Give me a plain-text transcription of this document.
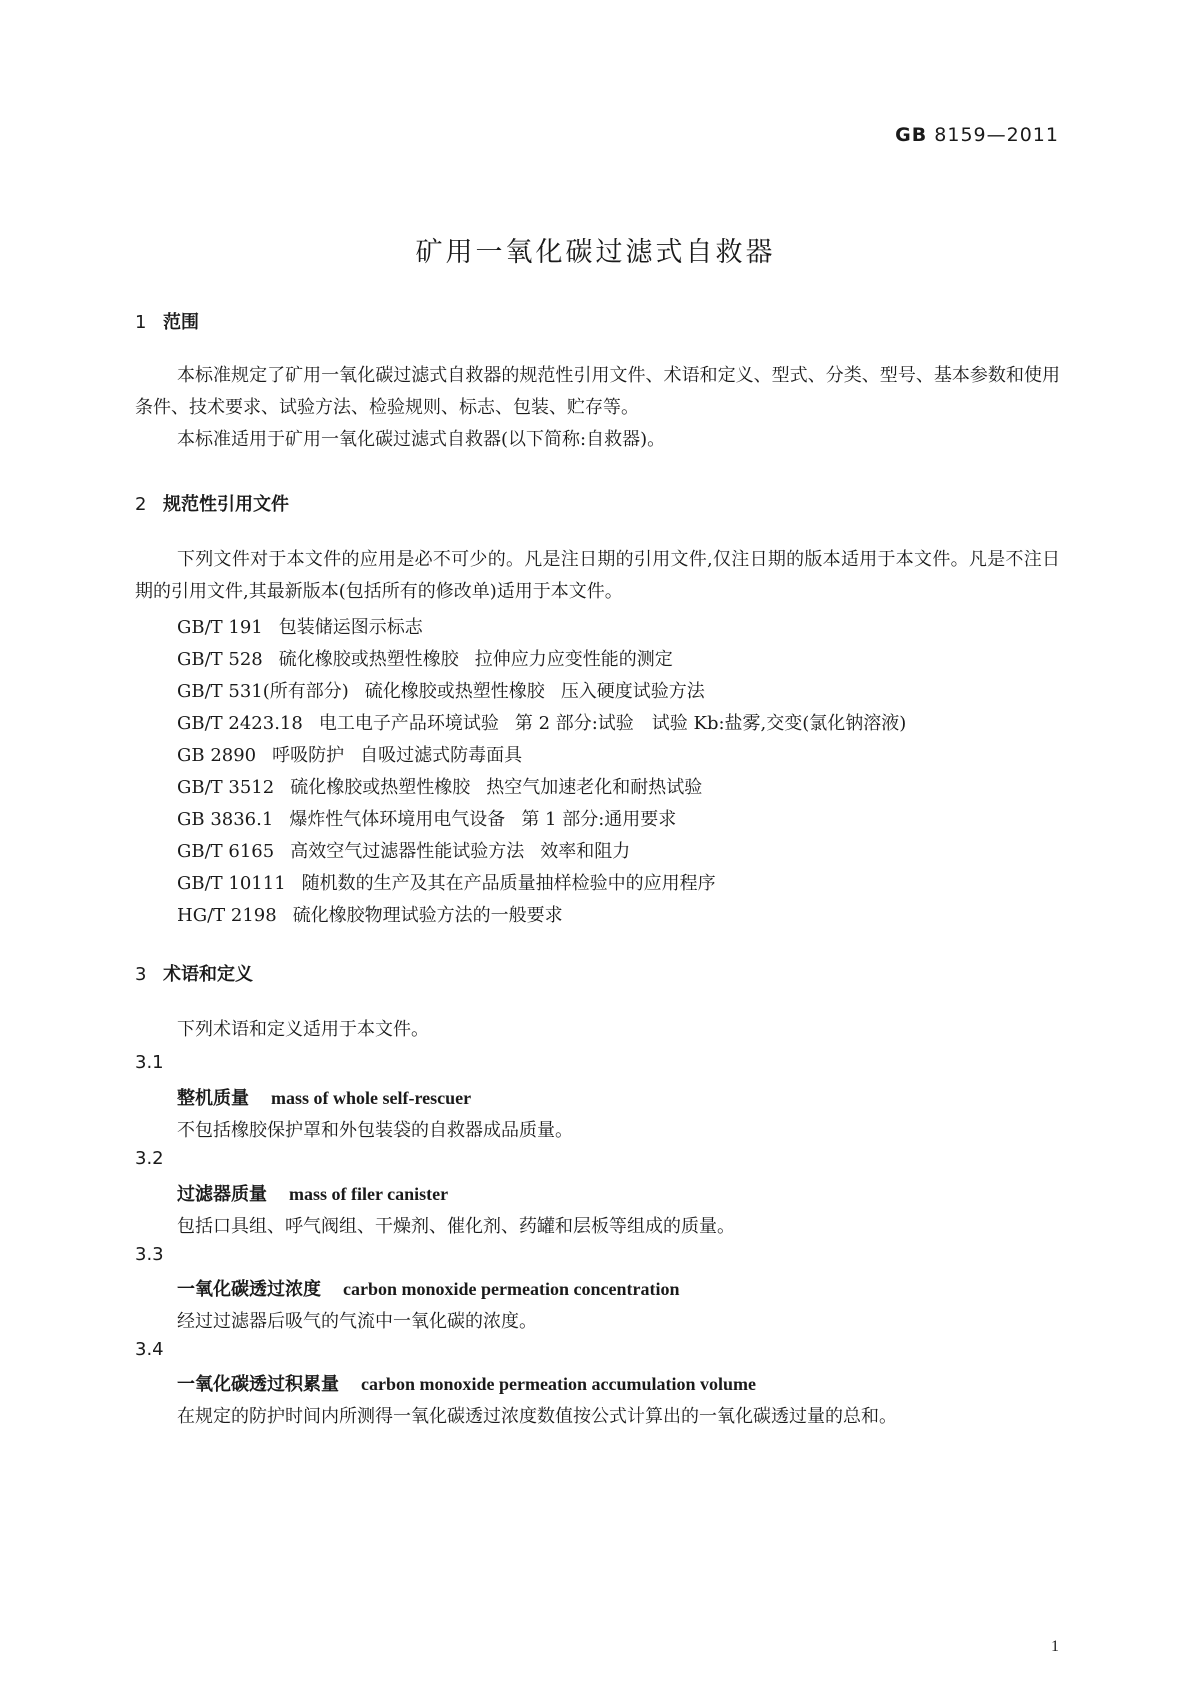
GB 8159—2011
矿用一氧化碳过滤式自救器
1 范围
本标准规定了矿用一氧化碳过滤式自救器的规范性引用文件、术语和定义、型式、分类、型号、基本参数和使用条件、技术要求、试验方法、检验规则、标志、包装、贮存等。
本标准适用于矿用一氧化碳过滤式自救器(以下简称:自救器)。
2 规范性引用文件
下列文件对于本文件的应用是必不可少的。凡是注日期的引用文件,仅注日期的版本适用于本文件。凡是不注日期的引用文件,其最新版本(包括所有的修改单)适用于本文件。
GB/T 191 包装储运图示标志
GB/T 528 硫化橡胶或热塑性橡胶 拉伸应力应变性能的测定
GB/T 531(所有部分) 硫化橡胶或热塑性橡胶 压入硬度试验方法
GB/T 2423.18 电工电子产品环境试验 第 2 部分:试验　试验 Kb:盐雾,交变(氯化钠溶液)
GB 2890 呼吸防护 自吸过滤式防毒面具
GB/T 3512 硫化橡胶或热塑性橡胶 热空气加速老化和耐热试验
GB 3836.1 爆炸性气体环境用电气设备 第 1 部分:通用要求
GB/T 6165 高效空气过滤器性能试验方法 效率和阻力
GB/T 10111 随机数的生产及其在产品质量抽样检验中的应用程序
HG/T 2198 硫化橡胶物理试验方法的一般要求
3 术语和定义
下列术语和定义适用于本文件。
3.1
整机质量 mass of whole self-rescuer
不包括橡胶保护罩和外包装袋的自救器成品质量。
3.2
过滤器质量 mass of filer canister
包括口具组、呼气阀组、干燥剂、催化剂、药罐和层板等组成的质量。
3.3
一氧化碳透过浓度 carbon monoxide permeation concentration
经过过滤器后吸气的气流中一氧化碳的浓度。
3.4
一氧化碳透过积累量 carbon monoxide permeation accumulation volume
在规定的防护时间内所测得一氧化碳透过浓度数值按公式计算出的一氧化碳透过量的总和。
1
